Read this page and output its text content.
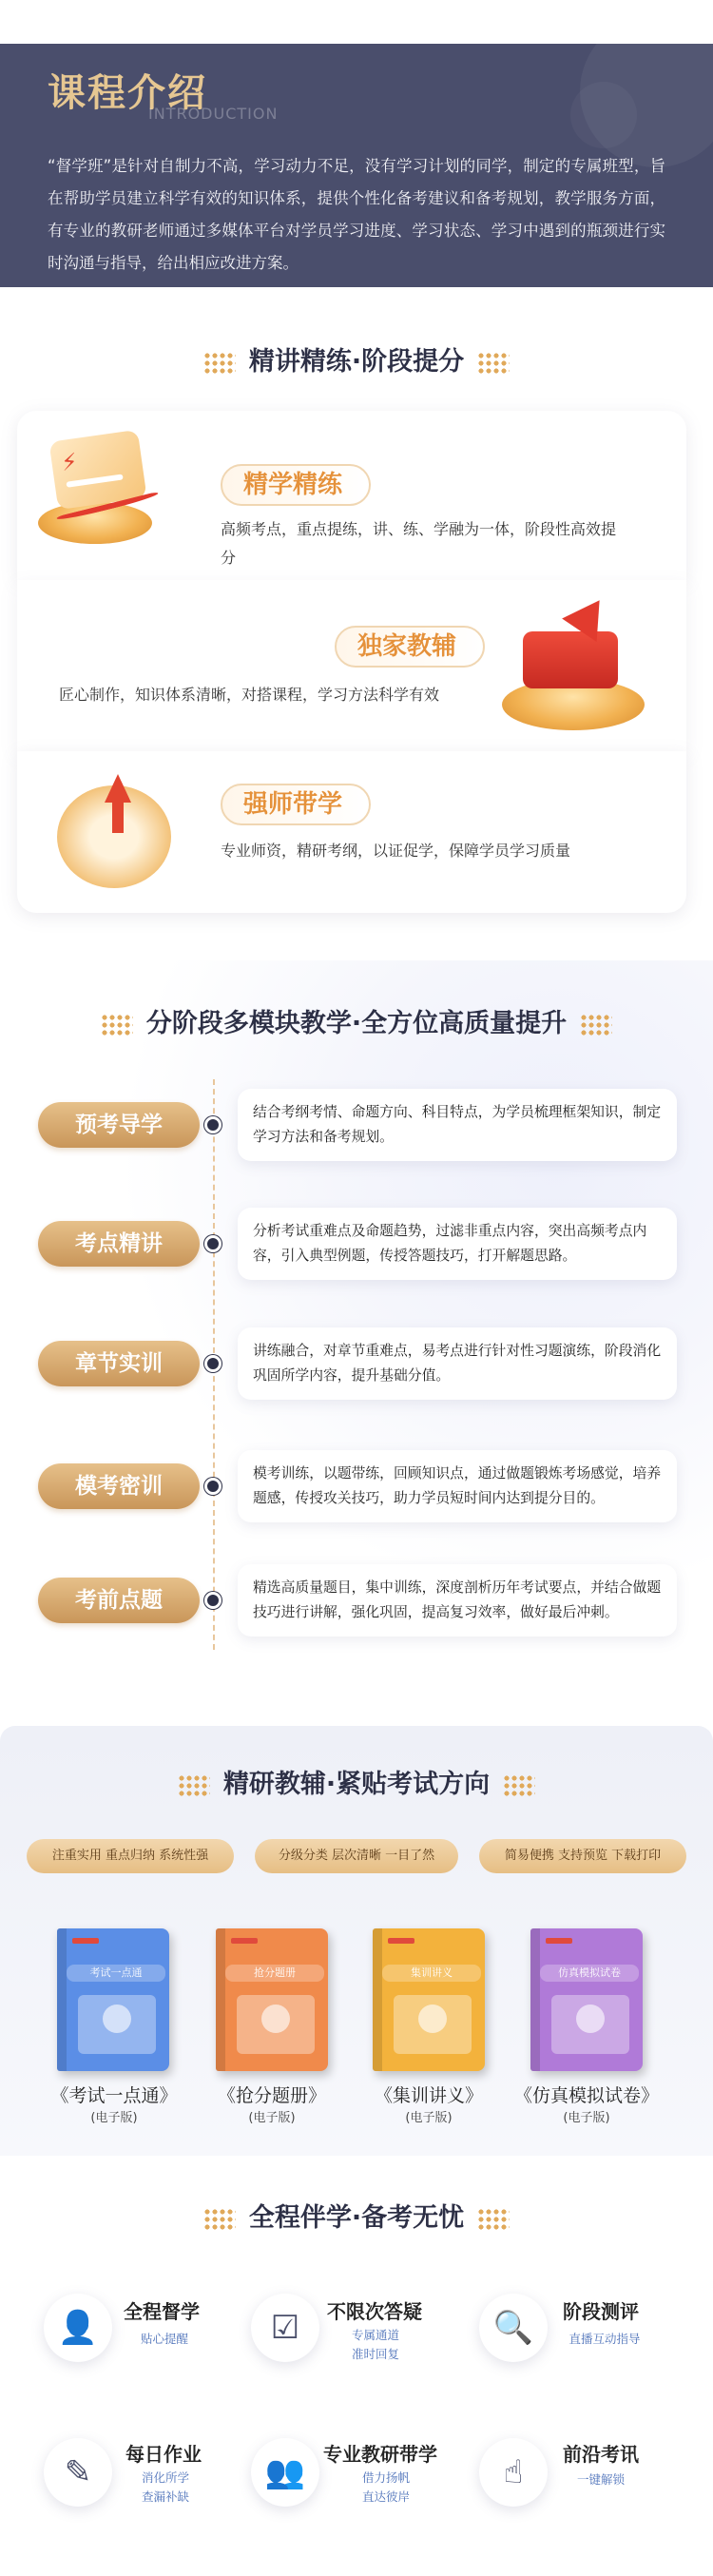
课程介绍
INTRODUCTION

“督学班”是针对自制力不高，学习动力不足，没有学习计划的同学，制定的专属班型，旨在帮助学员建立科学有效的知识体系，提供个性化备考建议和备考规划，教学服务方面，有专业的教研老师通过多媒体平台对学员学习进度、学习状态、学习中遇到的瓶颈进行实时沟通与指导，给出相应改进方案。

精讲精练·阶段提分
⚡
精学精练
高频考点，重点提练，讲、练、学融为一体，阶段性高效提分
独家教辅
匠心制作，知识体系清晰，对搭课程，学习方法科学有效
强师带学
专业师资，精研考纲，以证促学，保障学员学习质量
分阶段多模块教学·全方位高质量提升
预考导学
结合考纲考情、命题方向、科目特点，为学员梳理框架知识，制定学习方法和备考规划。
考点精讲
分析考试重难点及命题趋势，过滤非重点内容，突出高频考点内容，引入典型例题，传授答题技巧，打开解题思路。
章节实训
讲练融合，对章节重难点，易考点进行针对性习题演练，阶段消化巩固所学内容，提升基础分值。
模考密训
模考训练，以题带练，回顾知识点，通过做题锻炼考场感觉，培养题感，传授攻关技巧，助力学员短时间内达到提分目的。
考前点题
精选高质量题目，集中训练，深度剖析历年考试要点，并结合做题技巧进行讲解，强化巩固，提高复习效率，做好最后冲刺。
精研教辅·紧贴考试方向
注重实用 重点归纳 系统性强	分级分类 层次清晰 一目了然	简易便携 支持预览 下载打印
考试一点通	抢分题册	集训讲义	仿真模拟试卷
《考试一点通》
(电子版)
《抢分题册》
(电子版)
《集训讲义》
(电子版)
《仿真模拟试卷》
(电子版)
全程伴学·备考无忧
👤	全程督学
贴心提醒	☑	不限次答疑
专属通道
准时回复
🔍	阶段测评
直播互动指导
✎	每日作业
消化所学
查漏补缺
👥 专业教研带学
借力扬帆
直达彼岸
☝	前沿考讯
一键解锁
